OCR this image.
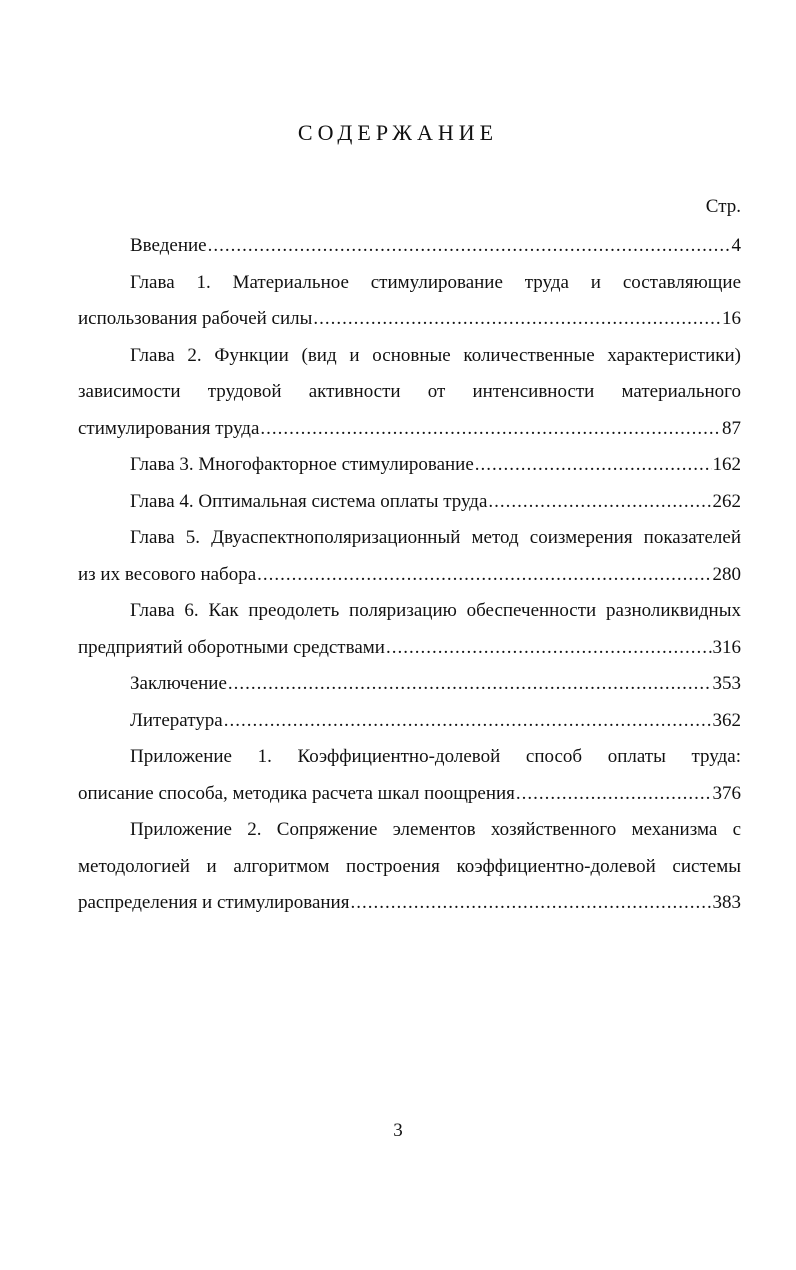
СОДЕРЖАНИЕ
Стр.
Введение .....	4
Глава 1. Материальное стимулирование труда и составляющие
использования рабочей силы .....	16
Глава 2. Функции (вид и основные количественные характеристики)
зависимости трудовой активности от интенсивности материального
стимулирования труда .....	87
Глава 3. Многофакторное стимулирование .....	162
Глава 4. Оптимальная система оплаты труда .....	262
Глава 5. Двуаспектнополяризационный метод соизмерения показателей
из их весового набора .....	280
Глава 6. Как преодолеть поляризацию обеспеченности разноликвидных
предприятий оборотными средствами .....	316
Заключение .....	353
Литература .....	362
Приложение 1. Коэффициентно-долевой способ оплаты труда:
описание способа, методика расчета шкал поощрения .....	376
Приложение 2. Сопряжение элементов хозяйственного механизма с
методологией и алгоритмом построения коэффициентно-долевой системы
распределения и стимулирования .....	383
3
